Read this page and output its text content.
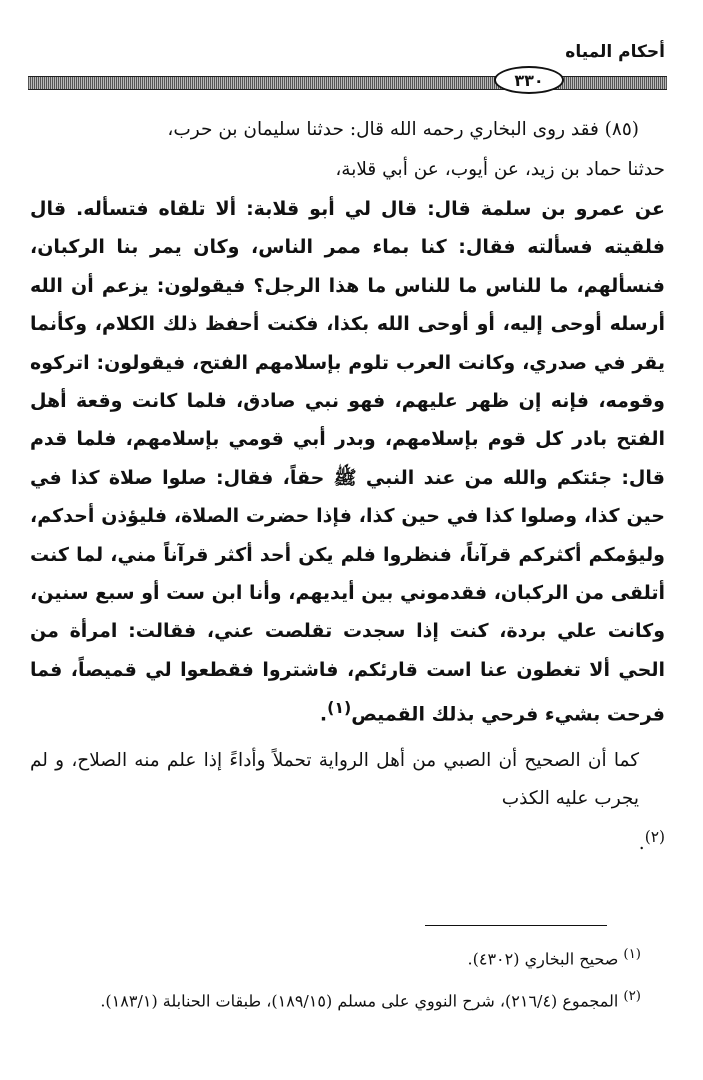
أحكام المياه
٣٣٠

(٨٥) فقد روى البخاري رحمه الله قال: حدثنا سليمان بن حرب،

حدثنا حماد بن زيد، عن أيوب، عن أبي قلابة،

عن عمرو بن سلمة قال: قال لي أبو قلابة: ألا تلقاه فتسأله. قال فلقيته فسألته فقال: كنا بماء ممر الناس، وكان يمر بنا الركبان، فنسألهم، ما للناس ما للناس ما هذا الرجل؟ فيقولون: يزعم أن الله أرسله أوحى إليه، أو أوحى الله بكذا، فكنت أحفظ ذلك الكلام، وكأنما يقر في صدري، وكانت العرب تلوم بإسلامهم الفتح، فيقولون: اتركوه وقومه، فإنه إن ظهر عليهم، فهو نبي صادق، فلما كانت وقعة أهل الفتح بادر كل قوم بإسلامهم، وبدر أبي قومي بإسلامهم، فلما قدم قال: جئتكم والله من عند النبي ﷺ حقاً، فقال: صلوا صلاة كذا في حين كذا، وصلوا كذا في حين كذا، فإذا حضرت الصلاة، فليؤذن أحدكم، وليؤمكم أكثركم قرآناً، فنظروا فلم يكن أحد أكثر قرآناً مني، لما كنت أتلقى من الركبان، فقدموني بين أيديهم، وأنا ابن ست أو سبع سنين، وكانت علي بردة، كنت إذا سجدت تقلصت عني، فقالت: امرأة من الحي ألا تغطون عنا است قارئكم، فاشتروا فقطعوا لي قميصاً، فما فرحت بشيء فرحي بذلك القميص$^{(١)}$.

كما أن الصحيح أن الصبي من أهل الرواية تحملاً وأداءً إذا علم منه الصلاح، و لم يجرب عليه الكذب$^{(٢)}$.

$^{(١)}$ صحيح البخاري (٤٣٠٢).

$^{(٢)}$ المجموع (٢١٦/٤)، شرح النووي على مسلم (١٨٩/١٥)، طبقات الحنابلة (١٨٣/١).
